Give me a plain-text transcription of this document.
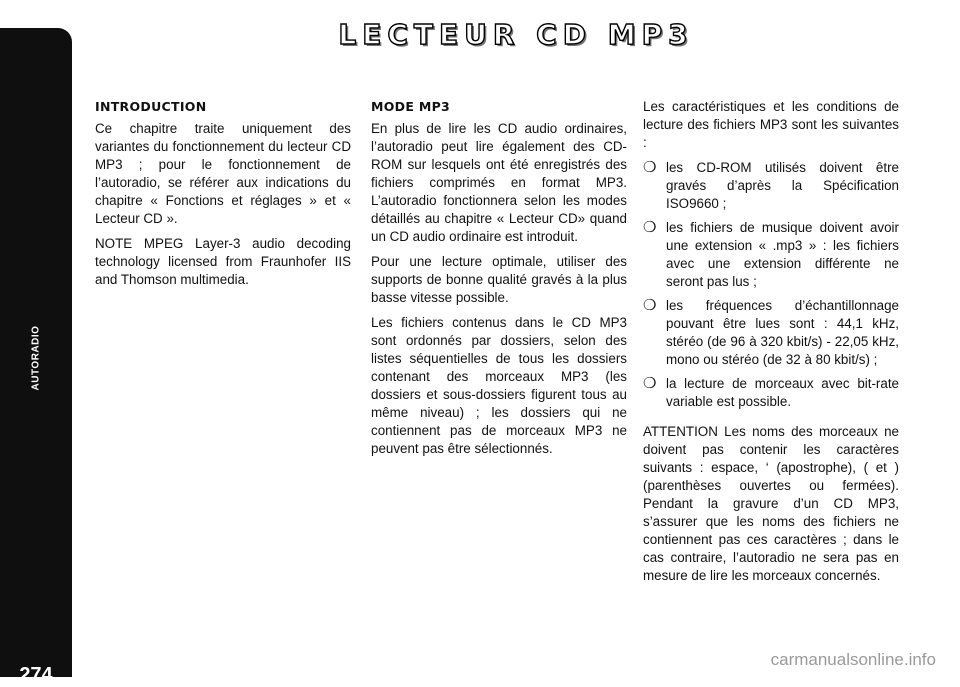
AUTORADIO
274
LECTEUR CD MP3
INTRODUCTION

Ce chapitre traite uniquement des variantes du fonctionnement du lecteur CD MP3 ; pour le fonctionnement de l’autoradio, se référer aux indications du chapitre « Fonctions et réglages » et « Lecteur CD ».

NOTE MPEG Layer-3 audio decoding technology licensed from Fraunhofer IIS and Thomson multimedia.

MODE MP3

En plus de lire les CD audio ordinaires, l’autoradio peut lire également des CD-ROM sur lesquels ont été enregistrés des fichiers comprimés en format MP3. L’autoradio fonctionnera selon les modes détaillés au chapitre « Lecteur CD» quand un CD audio ordinaire est introduit.

Pour une lecture optimale, utiliser des supports de bonne qualité gravés à la plus basse vitesse possible.

Les fichiers contenus dans le CD MP3 sont ordonnés par dossiers, selon des listes séquentielles de tous les dossiers contenant des morceaux MP3 (les dossiers et sous-dossiers figurent tous au même niveau) ; les dossiers qui ne contiennent pas de morceaux MP3 ne peuvent pas être sélectionnés.

Les caractéristiques et les conditions de lecture des fichiers MP3 sont les suivantes :

❍ les CD-ROM utilisés doivent être gravés d’après la Spécification ISO9660 ;
❍ les fichiers de musique doivent avoir une extension « .mp3 » : les fichiers avec une extension différente ne seront pas lus ;
❍ les fréquences d’échantillonnage pouvant être lues sont : 44,1 kHz, stéréo (de 96 à 320 kbit/s) - 22,05 kHz, mono ou stéréo (de 32 à 80 kbit/s) ;
❍ la lecture de morceaux avec bit-rate variable est possible.

ATTENTION Les noms des morceaux ne doivent pas contenir les caractères suivants : espace, ‘ (apostrophe), ( et ) (parenthèses ouvertes ou fermées). Pendant la gravure d’un CD MP3, s’assurer que les noms des fichiers ne contiennent pas ces caractères ; dans le cas contraire, l’autoradio ne sera pas en mesure de lire les morceaux concernés.

carmanualsonline.info
